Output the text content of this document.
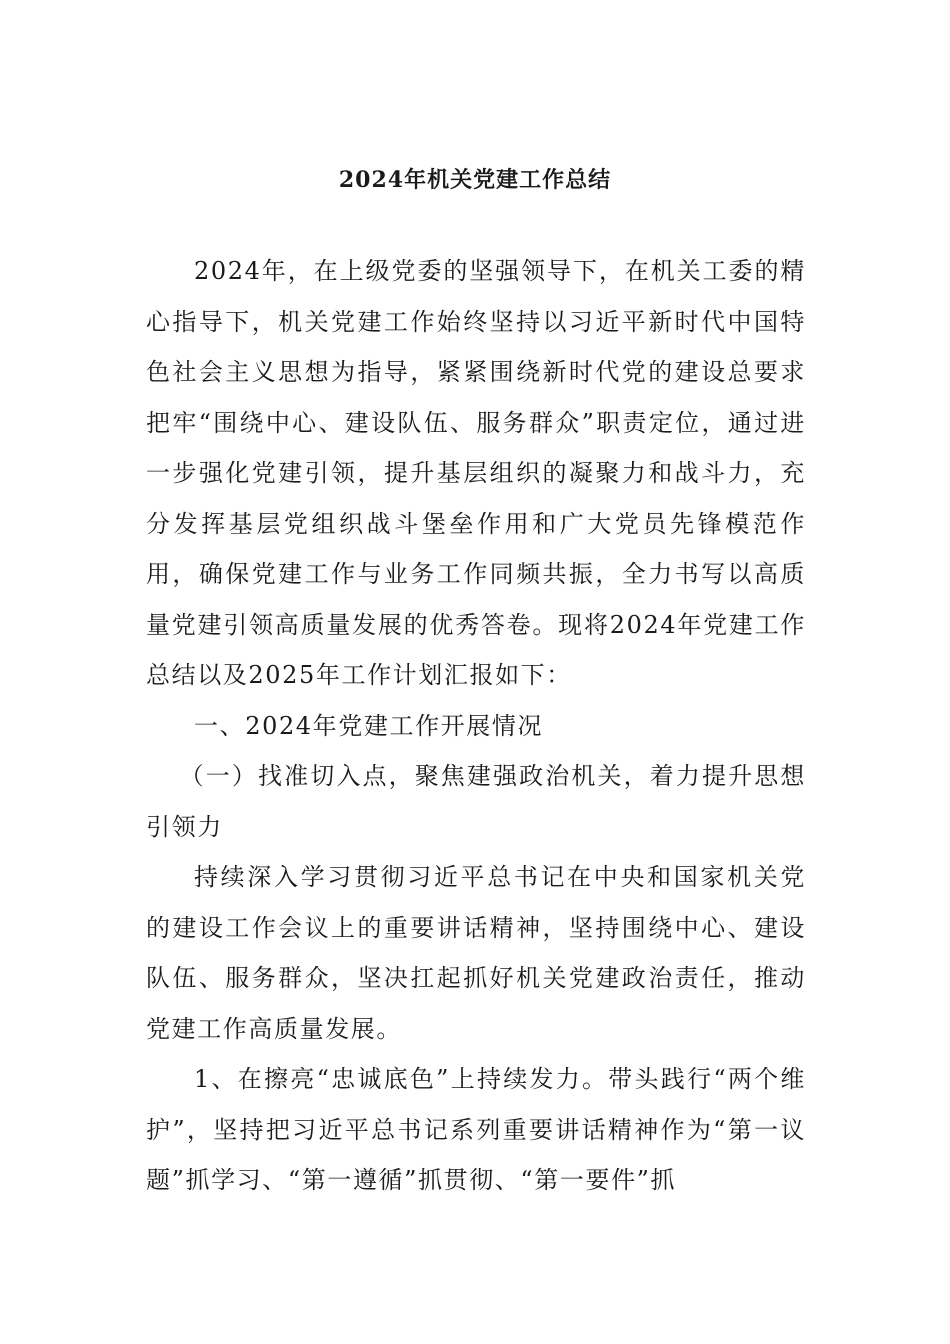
2024年机关党建工作总结

2024年，在上级党委的坚强领导下，在机关工委的精心指导下，机关党建工作始终坚持以习近平新时代中国特色社会主义思想为指导，紧紧围绕新时代党的建设总要求把牢“围绕中心、建设队伍、服务群众”职责定位，通过进一步强化党建引领，提升基层组织的凝聚力和战斗力，充分发挥基层党组织战斗堡垒作用和广大党员先锋模范作用，确保党建工作与业务工作同频共振，全力书写以高质量党建引领高质量发展的优秀答卷。现将2024年党建工作总结以及2025年工作计划汇报如下：

一、2024年党建工作开展情况

（一）找准切入点，聚焦建强政治机关，着力提升思想引领力

持续深入学习贯彻习近平总书记在中央和国家机关党的建设工作会议上的重要讲话精神，坚持围绕中心、建设队伍、服务群众，坚决扛起抓好机关党建政治责任，推动党建工作高质量发展。

1、在擦亮“忠诚底色”上持续发力。带头践行“两个维护”，坚持把习近平总书记系列重要讲话精神作为“第一议题”抓学习、“第一遵循”抓贯彻、“第一要件”抓
